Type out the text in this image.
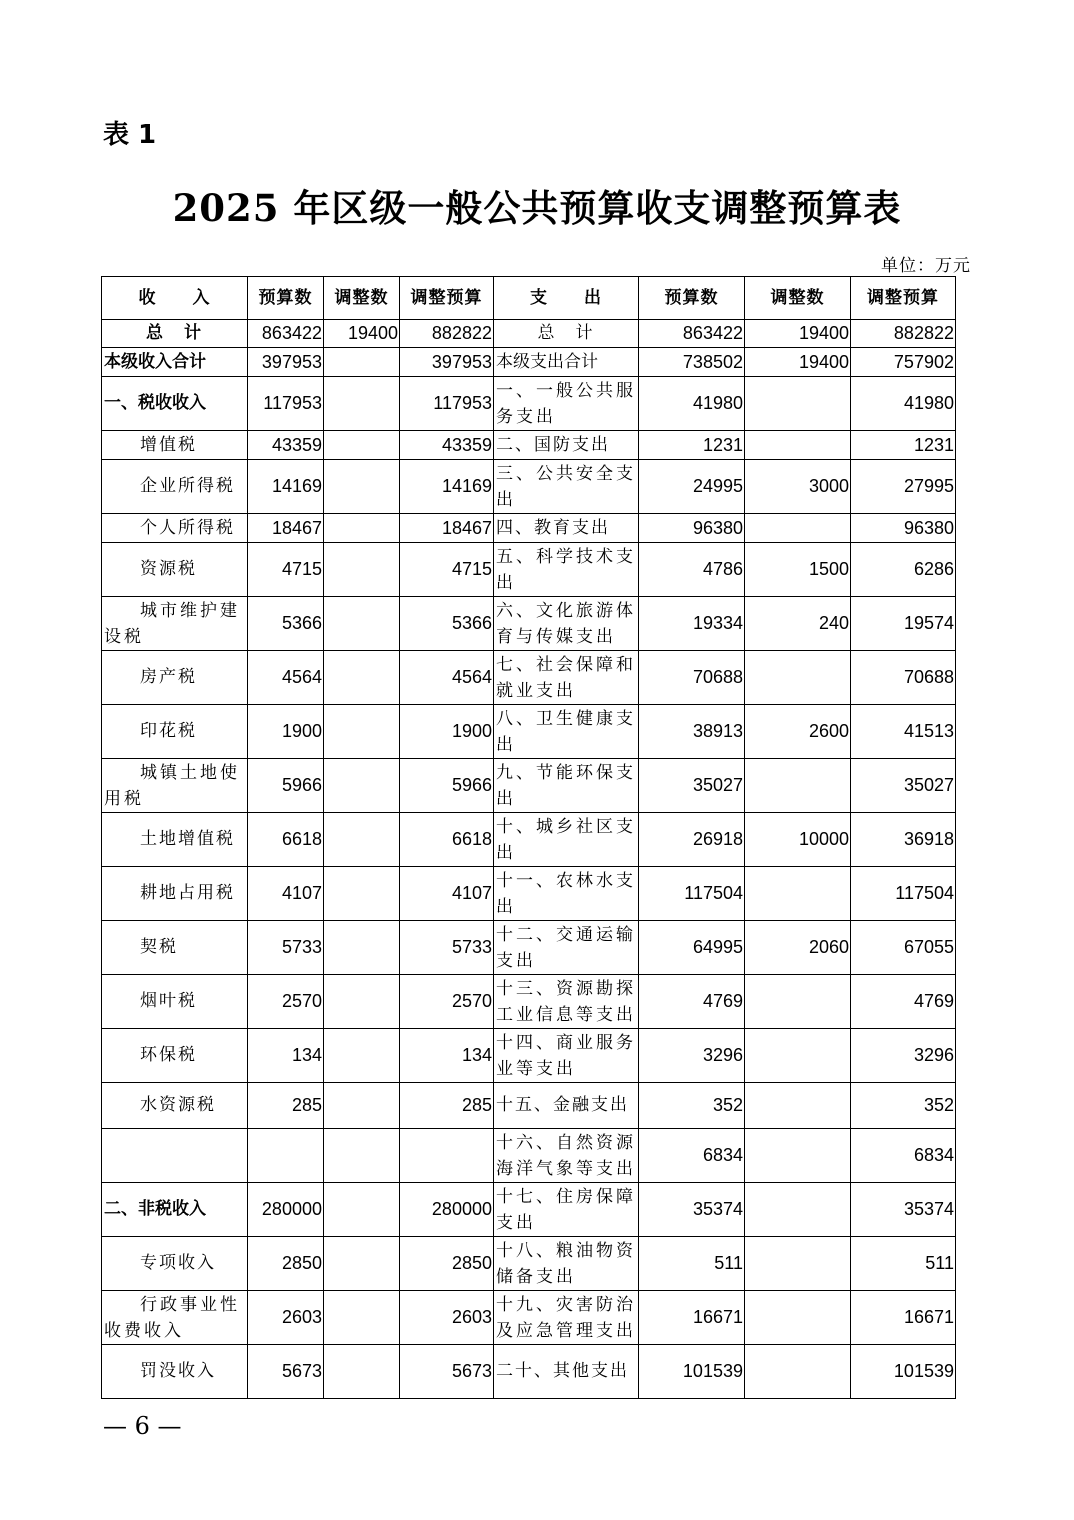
表 1
2025 年区级一般公共预算收支调整预算表
单位：万元
收　　入	预算数	调整数	调整预算	支　　出	预算数	调整数	调整预算
总　计	863422	19400	882822	总　计	863422	19400	882822
本级收入合计	397953		397953	本级支出合计	738502	19400	757902
一、税收收入	117953		117953	一、一般公共服务支出	41980		41980
增值税	43359		43359	二、国防支出	1231		1231
企业所得税	14169		14169	三、公共安全支出	24995	3000	27995
个人所得税	18467		18467	四、教育支出	96380		96380
资源税	4715		4715	五、科学技术支出	4786	1500	6286
城市维护建设税	5366		5366	六、文化旅游体育与传媒支出	19334	240	19574
房产税	4564		4564	七、社会保障和就业支出	70688		70688
印花税	1900		1900	八、卫生健康支出	38913	2600	41513
城镇土地使用税	5966		5966	九、节能环保支出	35027		35027
土地增值税	6618		6618	十、城乡社区支出	26918	10000	36918
耕地占用税	4107		4107	十一、农林水支出	117504		117504
契税	5733		5733	十二、交通运输支出	64995	2060	67055
烟叶税	2570		2570	十三、资源勘探工业信息等支出	4769		4769
环保税	134		134	十四、商业服务业等支出	3296		3296
水资源税	285		285	十五、金融支出	352		352
				十六、自然资源海洋气象等支出	6834		6834
二、非税收入	280000		280000	十七、住房保障支出	35374		35374
专项收入	2850		2850	十八、粮油物资储备支出	511		511
行政事业性收费收入	2603		2603	十九、灾害防治及应急管理支出	16671		16671
罚没收入	5673		5673	二十、其他支出	101539		101539
— 6 —
